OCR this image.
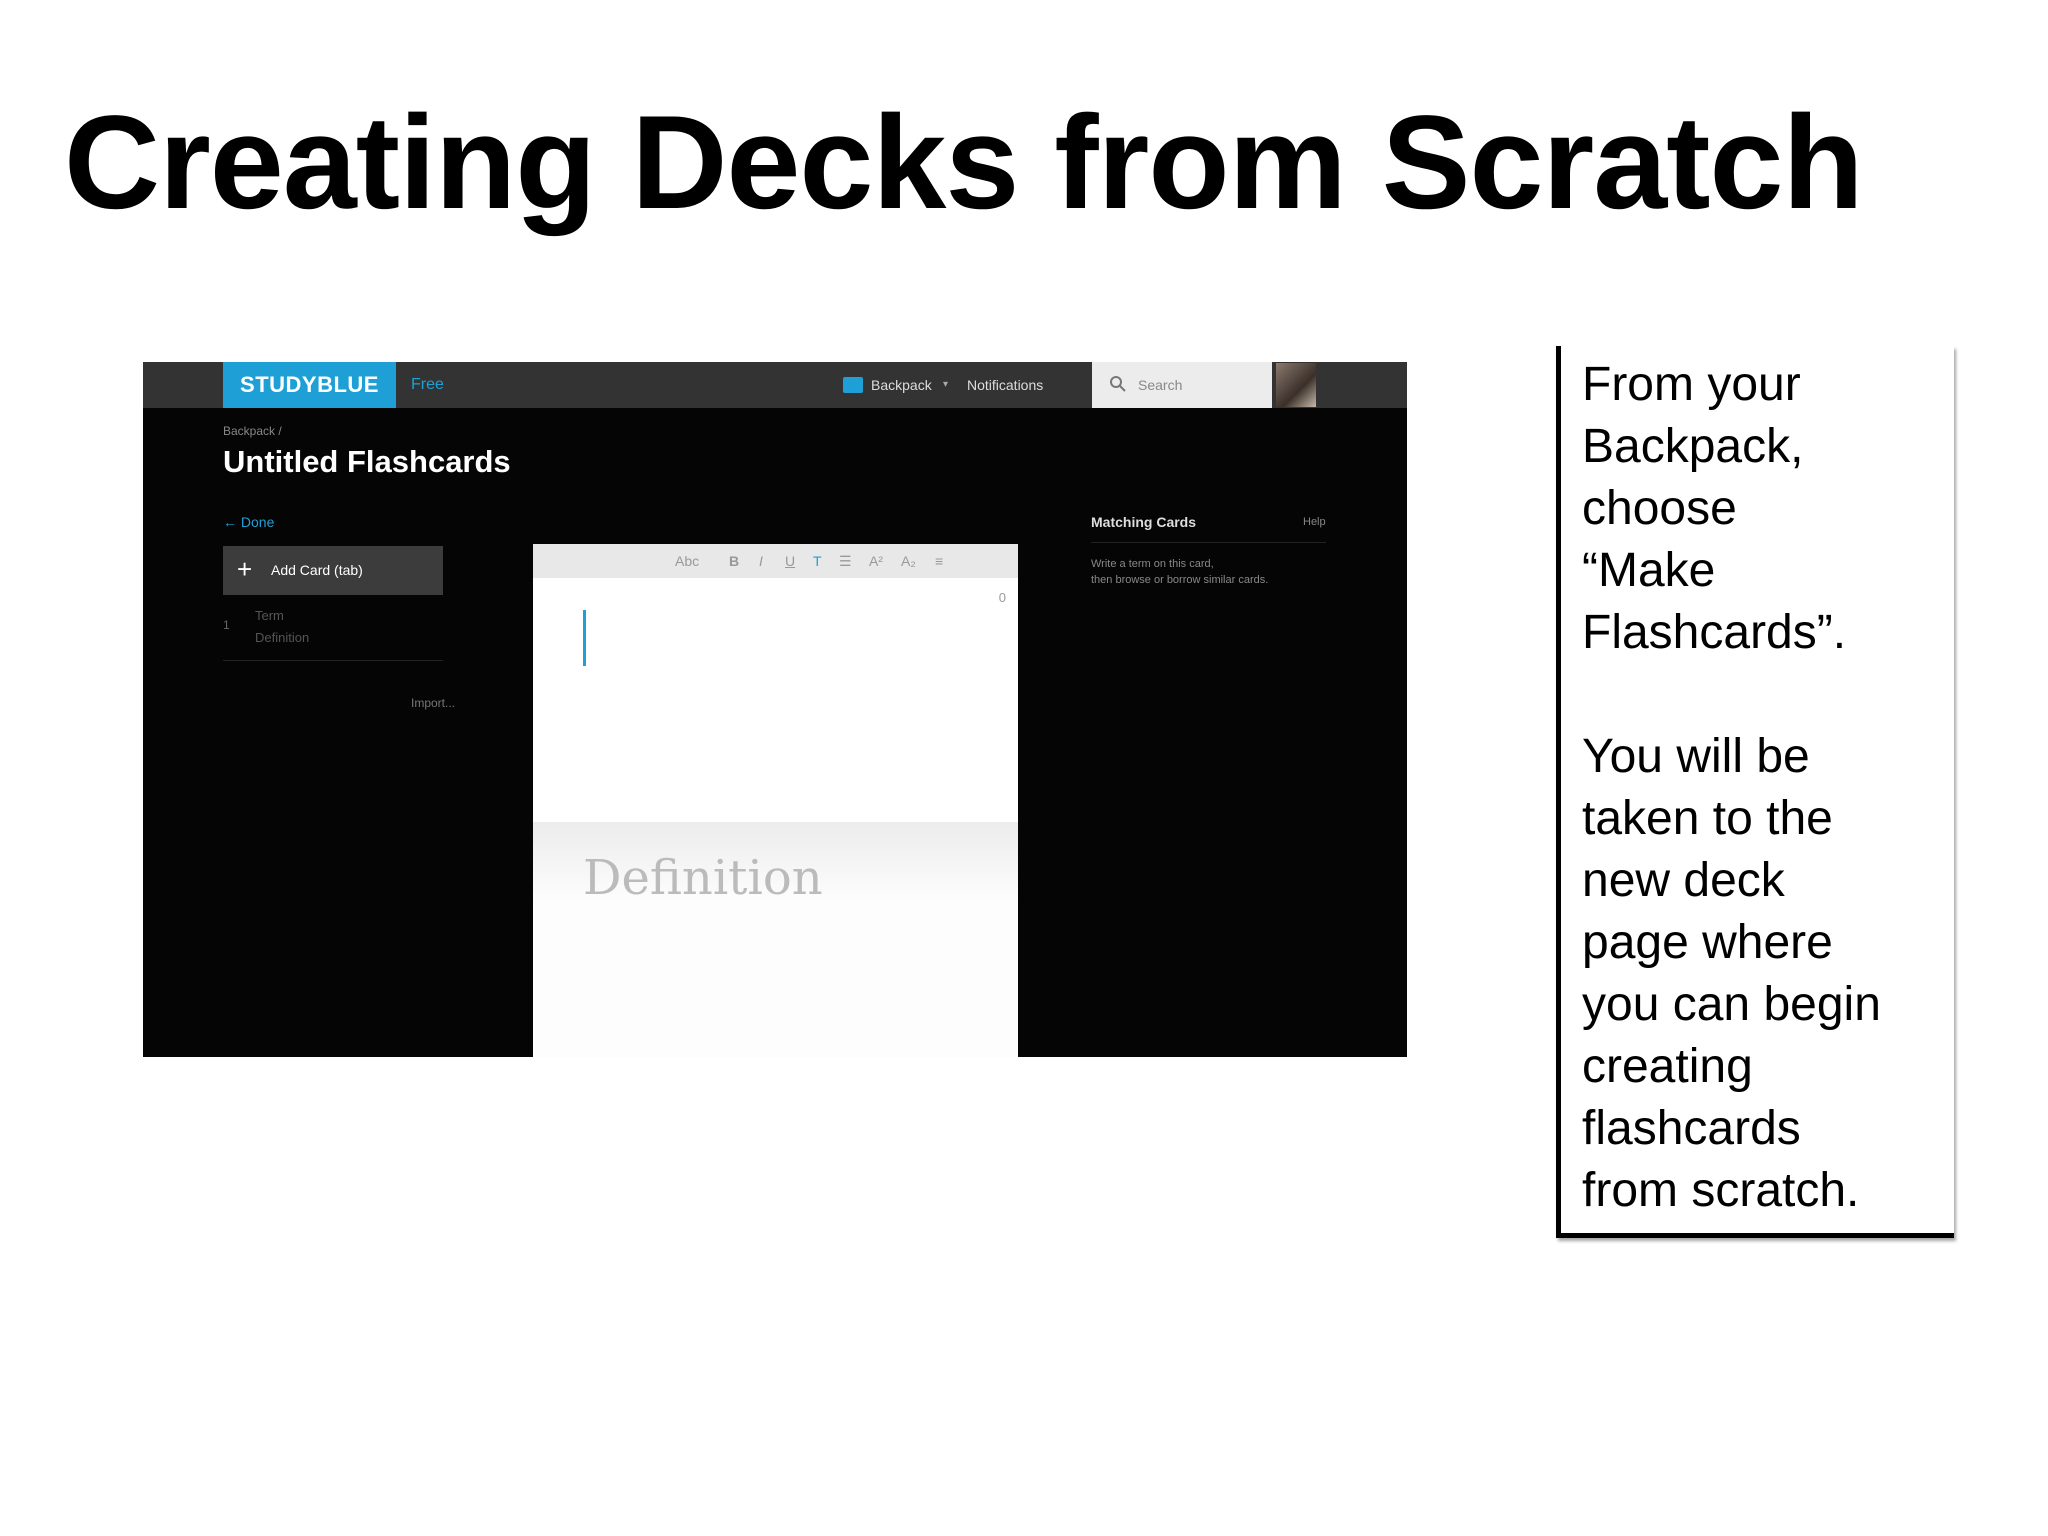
Creating Decks from Scratch
STUDYBLUE	Free	Backpack ▾ Notifications	Search
Backpack /
Untitled Flashcards
← Done
+ Add Card (tab)
1
Term
Definition
Import...
Abc B I U T ☰ A² A₂ ≡
0
Definition
Matching Cards	Help
Write a term on this card,
then browse or borrow similar cards.

From your
Backpack,
choose
“Make
Flashcards”.

You will be
taken to the
new deck
page where
you can begin
creating
flashcards
from scratch.
